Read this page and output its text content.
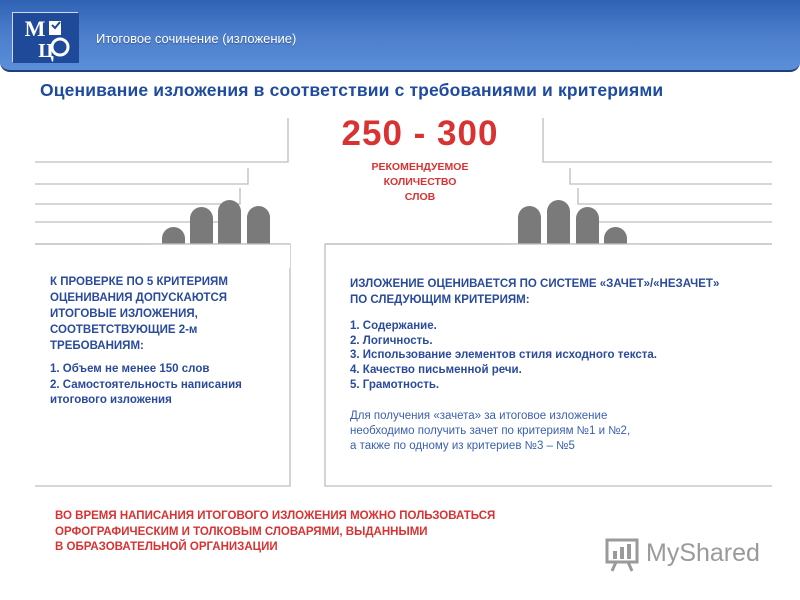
M
Ц
Итоговое сочинение (изложение)
Оценивание изложения в соответствии с требованиями и критериями
250 - 300
РЕКОМЕНДУЕМОЕ
КОЛИЧЕСТВО
СЛОВ
К ПРОВЕРКЕ ПО 5 КРИТЕРИЯМ
ОЦЕНИВАНИЯ ДОПУСКАЮТСЯ
ИТОГОВЫЕ ИЗЛОЖЕНИЯ,
СООТВЕТСТВУЮЩИЕ 2-м
ТРЕБОВАНИЯМ:
1. Объем не менее 150 слов
2. Самостоятельность написания
итогового изложения
ИЗЛОЖЕНИЕ ОЦЕНИВАЕТСЯ ПО СИСТЕМЕ «ЗАЧЕТ»/«НЕЗАЧЕТ»
ПО СЛЕДУЮЩИМ КРИТЕРИЯМ:
1. Содержание.
2. Логичность.
3. Использование элементов стиля исходного текста.
4. Качество письменной речи.
5. Грамотность.
Для получения «зачета» за итоговое изложение
необходимо получить зачет по критериям №1 и №2,
а также по одному из критериев №3 – №5
ВО ВРЕМЯ НАПИСАНИЯ ИТОГОВОГО ИЗЛОЖЕНИЯ МОЖНО ПОЛЬЗОВАТЬСЯ
ОРФОГРАФИЧЕСКИМ И ТОЛКОВЫМ СЛОВАРЯМИ, ВЫДАННЫМИ
В ОБРАЗОВАТЕЛЬНОЙ ОРГАНИЗАЦИИ	MyShared
